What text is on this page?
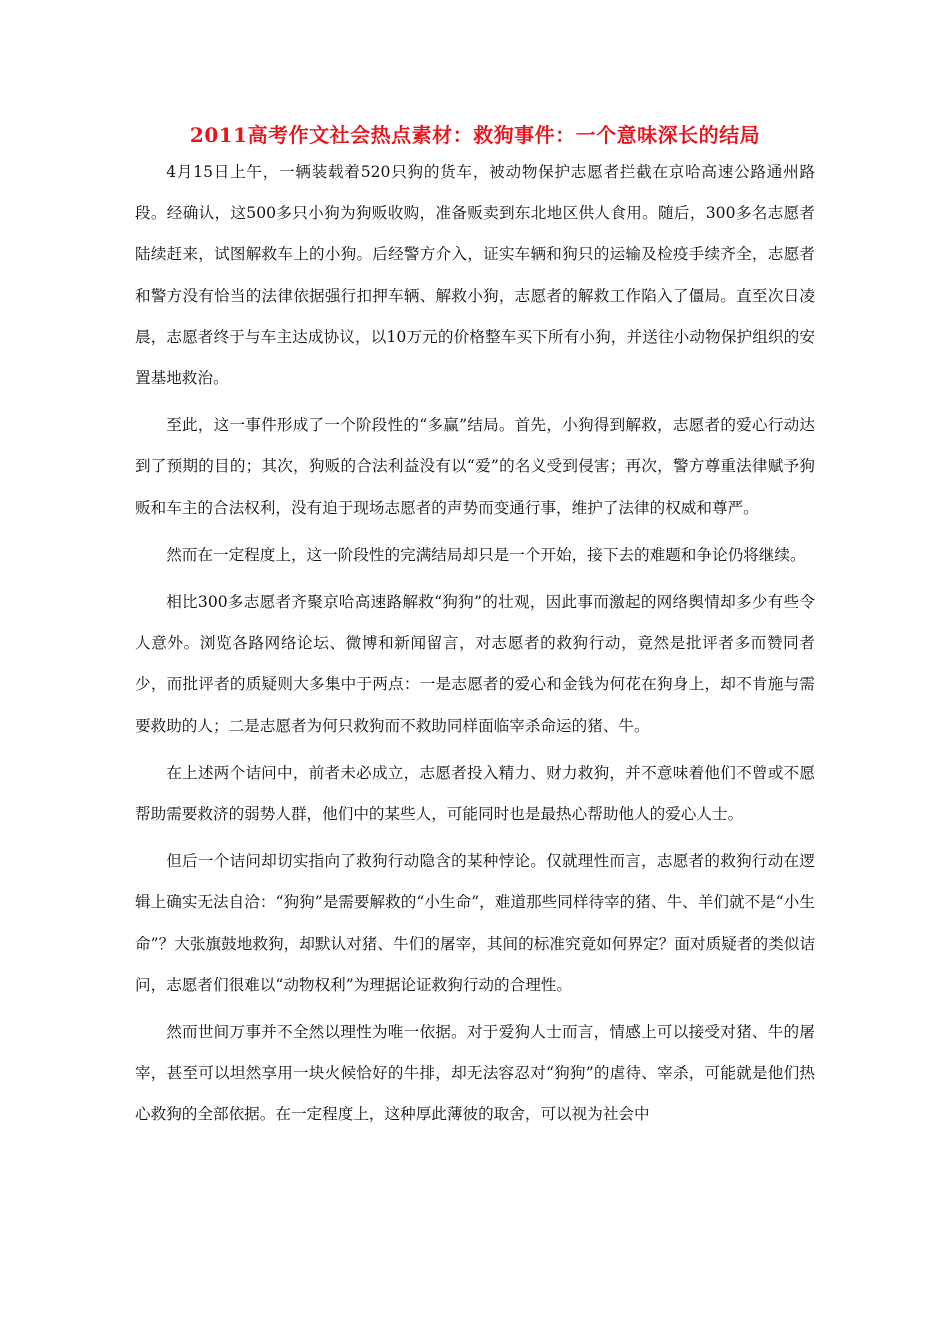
2011高考作文社会热点素材：救狗事件：一个意味深长的结局

4月15日上午，一辆装载着520只狗的货车，被动物保护志愿者拦截在京哈高速公路通州路段。经确认，这500多只小狗为狗贩收购，准备贩卖到东北地区供人食用。随后，300多名志愿者陆续赶来，试图解救车上的小狗。后经警方介入，证实车辆和狗只的运输及检疫手续齐全，志愿者和警方没有恰当的法律依据强行扣押车辆、解救小狗，志愿者的解救工作陷入了僵局。直至次日凌晨，志愿者终于与车主达成协议，以10万元的价格整车买下所有小狗，并送往小动物保护组织的安置基地救治。

至此，这一事件形成了一个阶段性的“多赢”结局。首先，小狗得到解救，志愿者的爱心行动达到了预期的目的；其次，狗贩的合法利益没有以“爱”的名义受到侵害；再次，警方尊重法律赋予狗贩和车主的合法权利，没有迫于现场志愿者的声势而变通行事，维护了法律的权威和尊严。

然而在一定程度上，这一阶段性的完满结局却只是一个开始，接下去的难题和争论仍将继续。

相比300多志愿者齐聚京哈高速路解救“狗狗”的壮观，因此事而激起的网络舆情却多少有些令人意外。浏览各路网络论坛、微博和新闻留言，对志愿者的救狗行动，竟然是批评者多而赞同者少，而批评者的质疑则大多集中于两点：一是志愿者的爱心和金钱为何花在狗身上，却不肯施与需要救助的人；二是志愿者为何只救狗而不救助同样面临宰杀命运的猪、牛。

在上述两个诘问中，前者未必成立，志愿者投入精力、财力救狗，并不意味着他们不曾或不愿帮助需要救济的弱势人群，他们中的某些人，可能同时也是最热心帮助他人的爱心人士。

但后一个诘问却切实指向了救狗行动隐含的某种悖论。仅就理性而言，志愿者的救狗行动在逻辑上确实无法自洽：“狗狗”是需要解救的“小生命”，难道那些同样待宰的猪、牛、羊们就不是“小生命”？大张旗鼓地救狗，却默认对猪、牛们的屠宰，其间的标准究竟如何界定？面对质疑者的类似诘问，志愿者们很难以“动物权利”为理据论证救狗行动的合理性。

然而世间万事并不全然以理性为唯一依据。对于爱狗人士而言，情感上可以接受对猪、牛的屠宰，甚至可以坦然享用一块火候恰好的牛排，却无法容忍对“狗狗”的虐待、宰杀，可能就是他们热心救狗的全部依据。在一定程度上，这种厚此薄彼的取舍，可以视为社会中
